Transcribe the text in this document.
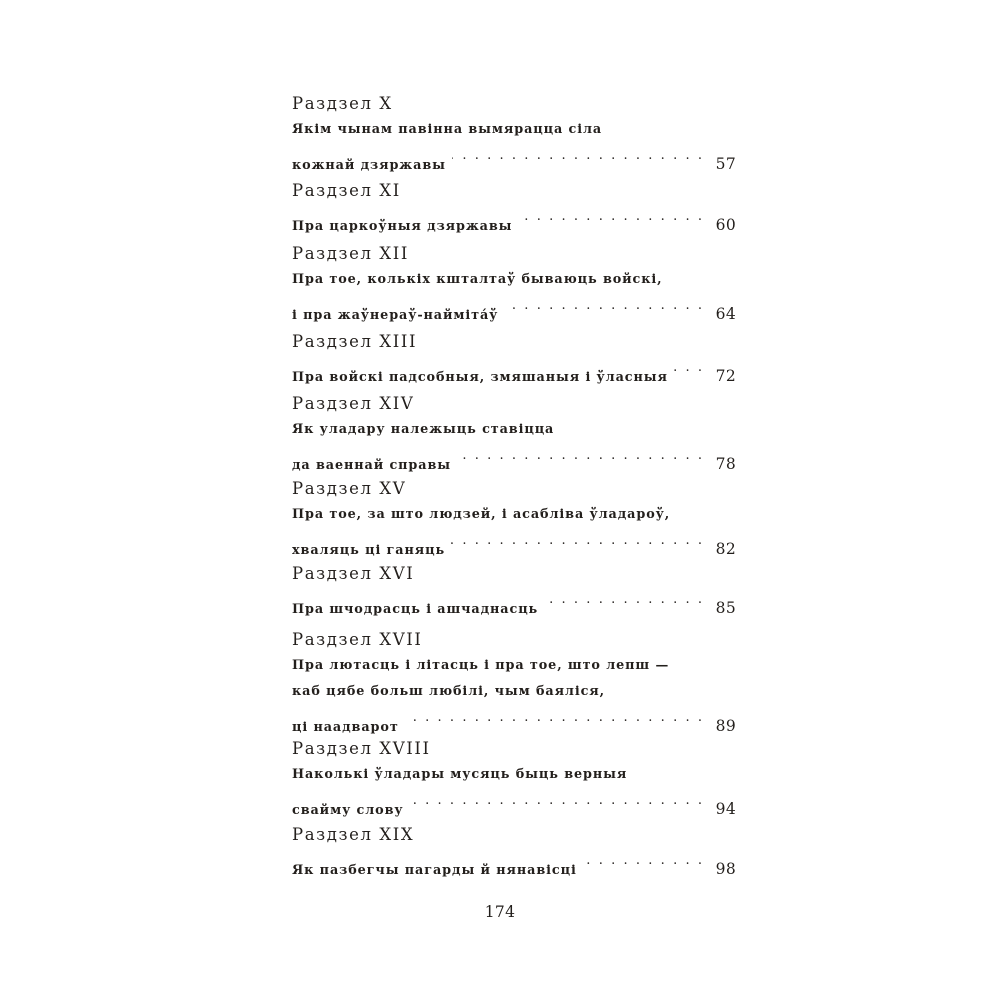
Раздзел X
Якім чынам павінна вымярацца сіла
кожнай дзяржавы . .	57
Раздзел XI
Пра царкоўныя дзяржавы . .	60
Раздзел XII
Пра тое, колькіх кшталтаў бываюць войскі,
і пра жаўнераў-найміта́ў . .	64
Раздзел XIII
Пра войскі падсобныя, змяшаныя і ўласныя . .	72
Раздзел XIV
Як уладару належыць ставіцца
да ваеннай справы . .	78
Раздзел XV
Пра тое, за што людзей, і асабліва ўладароў,
хваляць ці ганяць . .	82
Раздзел XVI
Пра шчодрасць і ашчаднасць . .	85
Раздзел XVII
Пра лютасць і літасць і пра тое, што лепш —
каб цябе больш любілі, чым баяліся,
ці наадварот . .	89
Раздзел XVIII
Наколькі ўладары мусяць быць верныя
свайму слову . .	94
Раздзел XIX
Як пазбегчы пагарды й нянавісці . .	98
174
